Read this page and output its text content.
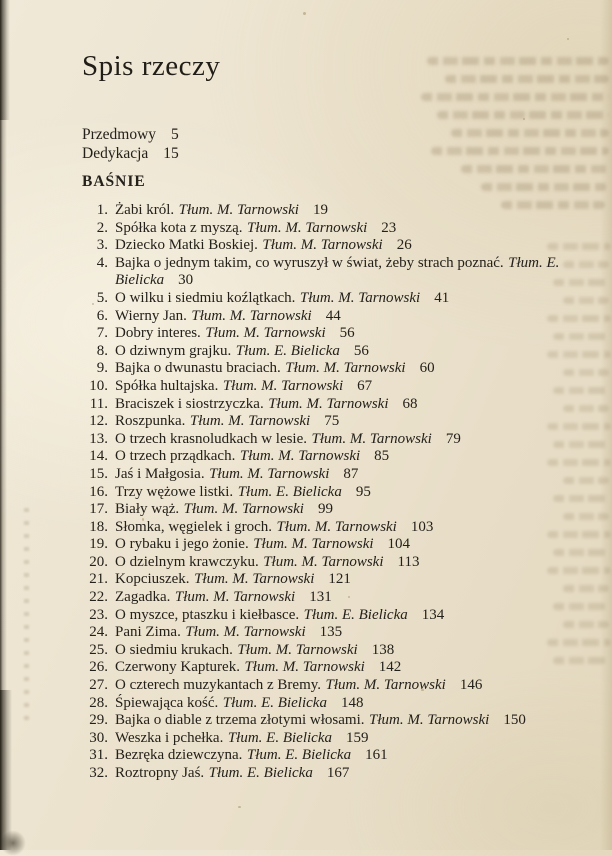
Spis rzeczy
Przedmowy 5
Dedykacja 15
BAŚNIE
1. Żabi król. Tłum. M. Tarnowski 19
2. Spółka kota z myszą. Tłum. M. Tarnowski 23
3. Dziecko Matki Boskiej. Tłum. M. Tarnowski 26
4. Bajka o jednym takim, co wyruszył w świat, żeby strach poznać. Tłum. E. Bielicka 30
5. O wilku i siedmiu koźlątkach. Tłum. M. Tarnowski 41
6. Wierny Jan. Tłum. M. Tarnowski 44
7. Dobry interes. Tłum. M. Tarnowski 56
8. O dziwnym grajku. Tłum. E. Bielicka 56
9. Bajka o dwunastu braciach. Tłum. M. Tarnowski 60
10. Spółka hultajska. Tłum. M. Tarnowski 67
11. Braciszek i siostrzyczka. Tłum. M. Tarnowski 68
12. Roszpunka. Tłum. M. Tarnowski 75
13. O trzech krasnoludkach w lesie. Tłum. M. Tarnowski 79
14. O trzech prządkach. Tłum. M. Tarnowski 85
15. Jaś i Małgosia. Tłum. M. Tarnowski 87
16. Trzy wężowe listki. Tłum. E. Bielicka 95
17. Biały wąż. Tłum. M. Tarnowski 99
18. Słomka, węgielek i groch. Tłum. M. Tarnowski 103
19. O rybaku i jego żonie. Tłum. M. Tarnowski 104
20. O dzielnym krawczyku. Tłum. M. Tarnowski 113
21. Kopciuszek. Tłum. M. Tarnowski 121
22. Zagadka. Tłum. M. Tarnowski 131
23. O myszce, ptaszku i kiełbasce. Tłum. E. Bielicka 134
24. Pani Zima. Tłum. M. Tarnowski 135
25. O siedmiu krukach. Tłum. M. Tarnowski 138
26. Czerwony Kapturek. Tłum. M. Tarnowski 142
27. O czterech muzykantach z Bremy. Tłum. M. Tarnowski 146
28. Śpiewająca kość. Tłum. E. Bielicka 148
29. Bajka o diable z trzema złotymi włosami. Tłum. M. Tarnowski 150
30. Weszka i pchełka. Tłum. E. Bielicka 159
31. Bezręka dziewczyna. Tłum. E. Bielicka 161
32. Roztropny Jaś. Tłum. E. Bielicka 167
